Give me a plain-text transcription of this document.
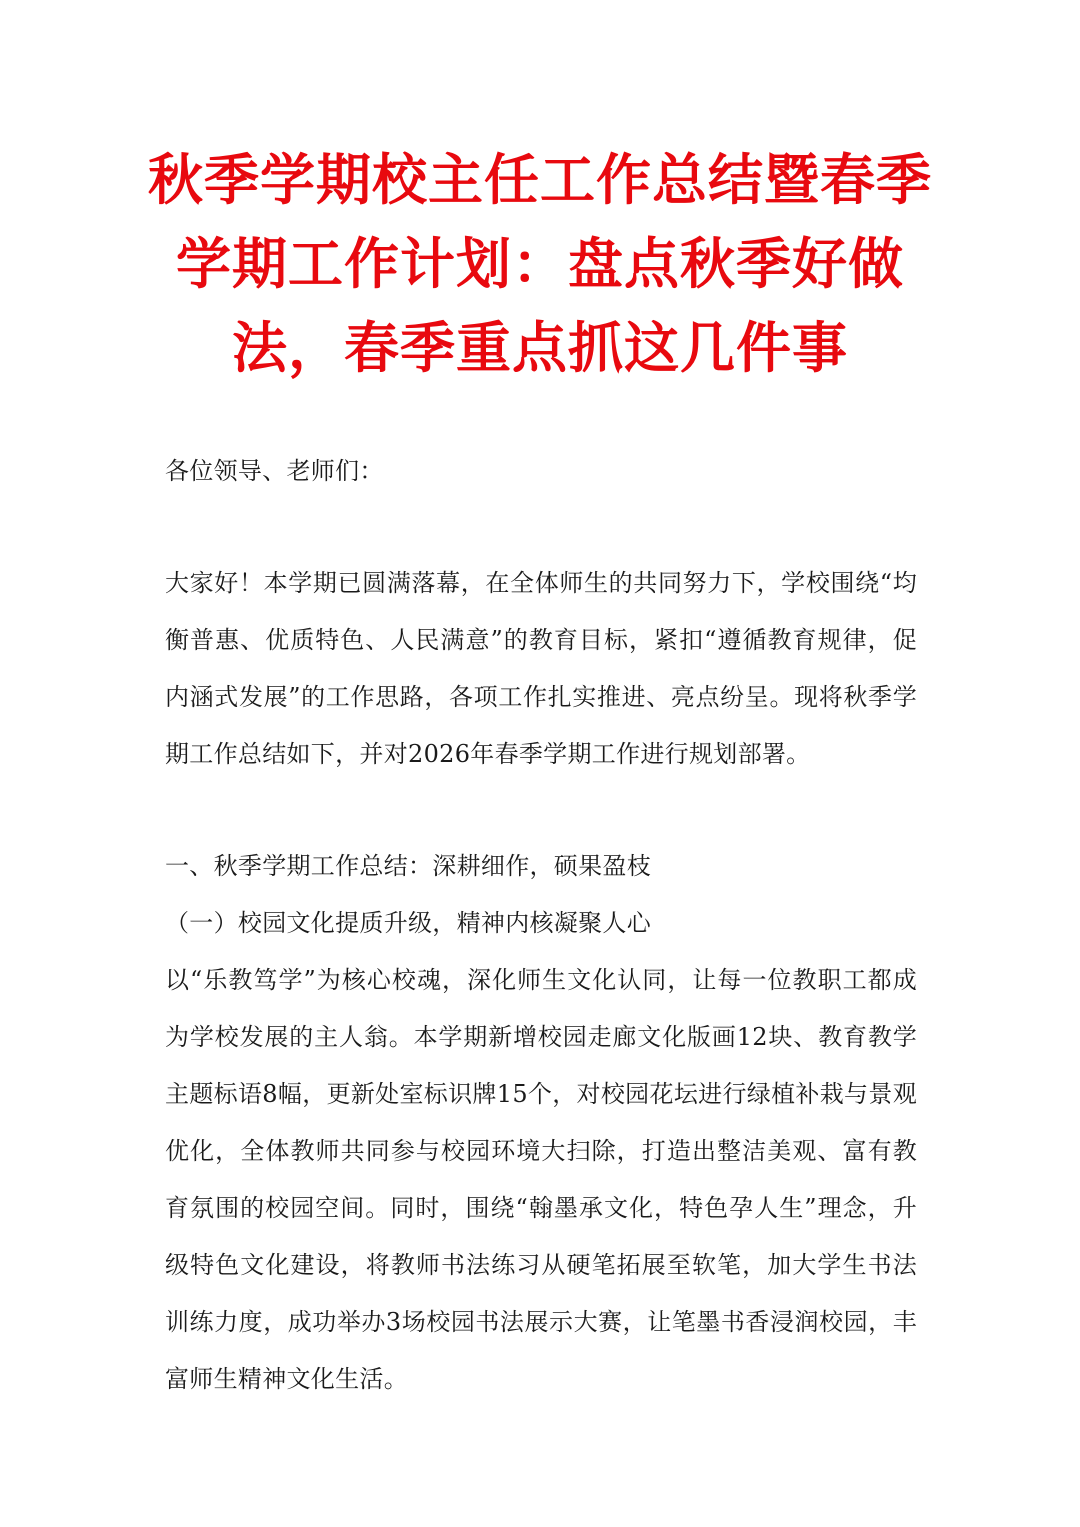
秋季学期校主任工作总结暨春季学期工作计划：盘点秋季好做法，春季重点抓这几件事

各位领导、老师们：

大家好！本学期已圆满落幕，在全体师生的共同努力下，学校围绕“均衡普惠、优质特色、人民满意”的教育目标，紧扣“遵循教育规律，促内涵式发展”的工作思路，各项工作扎实推进、亮点纷呈。现将秋季学期工作总结如下，并对2026年春季学期工作进行规划部署。

一、秋季学期工作总结：深耕细作，硕果盈枝

（一）校园文化提质升级，精神内核凝聚人心

以“乐教笃学”为核心校魂，深化师生文化认同，让每一位教职工都成为学校发展的主人翁。本学期新增校园走廊文化版画12块、教育教学主题标语8幅，更新处室标识牌15个，对校园花坛进行绿植补栽与景观优化，全体教师共同参与校园环境大扫除，打造出整洁美观、富有教育氛围的校园空间。同时，围绕“翰墨承文化，特色孕人生”理念，升级特色文化建设，将教师书法练习从硬笔拓展至软笔，加大学生书法训练力度，成功举办3场校园书法展示大赛，让笔墨书香浸润校园，丰富师生精神文化生活。
